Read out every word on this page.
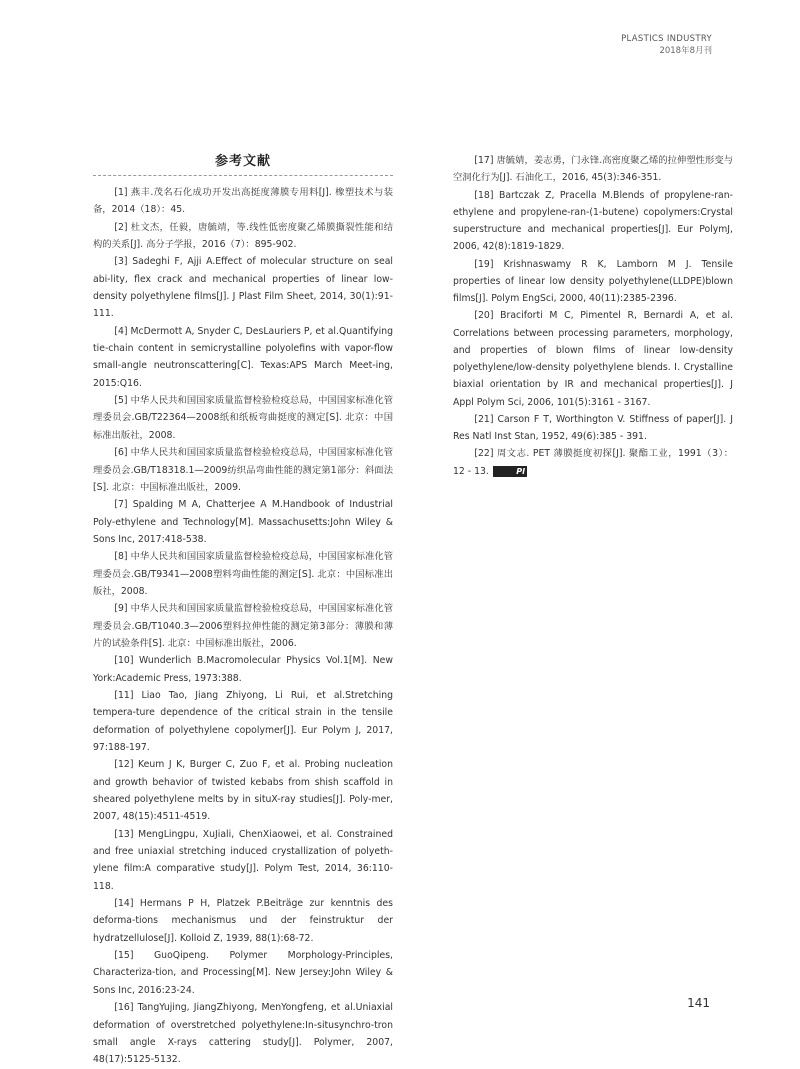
PLASTICS INDUSTRY
2018年8月刊
参考文献

[1] 燕丰.茂名石化成功开发出高挺度薄膜专用料[J]. 橡塑技术与装备，2014（18）：45.

[2] 杜文杰，任毅，唐毓靖，等.线性低密度聚乙烯膜撕裂性能和结构的关系[J]. 高分子学报，2016（7）：895-902.

[3] Sadeghi F, Ajji A.Effect of molecular structure on seal abi-lity, flex crack and mechanical properties of linear low-density polyethylene films[J]. J Plast Film Sheet, 2014, 30(1):91-111.

[4] McDermott A, Snyder C, DesLauriers P, et al.Quantifying tie-chain content in semicrystalline polyolefins with vapor-flow small-angle neutronscattering[C]. Texas:APS March Meet-ing, 2015:Q16.

[5] 中华人民共和国国家质量监督检验检疫总局，中国国家标准化管理委员会.GB/T22364—2008纸和纸板弯曲挺度的测定[S]. 北京：中国标准出版社，2008.

[6] 中华人民共和国国家质量监督检验检疫总局，中国国家标准化管理委员会.GB/T18318.1—2009纺织品弯曲性能的测定第1部分：斜面法[S]. 北京：中国标准出版社，2009.

[7] Spalding M A, Chatterjee A M.Handbook of Industrial Poly-ethylene and Technology[M]. Massachusetts:John Wiley & Sons Inc, 2017:418-538.

[8] 中华人民共和国国家质量监督检验检疫总局，中国国家标准化管理委员会.GB/T9341—2008塑料弯曲性能的测定[S]. 北京：中国标准出版社，2008.

[9] 中华人民共和国国家质量监督检验检疫总局，中国国家标准化管理委员会.GB/T1040.3—2006塑料拉伸性能的测定第3部分：薄膜和薄片的试验条件[S]. 北京：中国标准出版社，2006.

[10] Wunderlich B.Macromolecular Physics Vol.1[M]. New York:Academic Press, 1973:388.

[11] Liao Tao, Jiang Zhiyong, Li Rui, et al.Stretching tempera-ture dependence of the critical strain in the tensile deformation of polyethylene copolymer[J]. Eur Polym J, 2017, 97:188-197.

[12] Keum J K, Burger C, Zuo F, et al. Probing nucleation and growth behavior of twisted kebabs from shish scaffold in sheared polyethylene melts by in situX-ray studies[J]. Poly-mer, 2007, 48(15):4511-4519.

[13] MengLingpu, XuJiali, ChenXiaowei, et al. Constrained and free uniaxial stretching induced crystallization of polyeth-ylene film:A comparative study[J]. Polym Test, 2014, 36:110-118.

[14] Hermans P H, Platzek P.Beiträge zur kenntnis des deforma-tions mechanismus und der feinstruktur der hydratzellulose[J]. Kolloid Z, 1939, 88(1):68-72.

[15] GuoQipeng. Polymer Morphology-Principles, Characteriza-tion, and Processing[M]. New Jersey:John Wiley & Sons Inc, 2016:23-24.

[16] TangYujing, JiangZhiyong, MenYongfeng, et al.Uniaxial deformation of overstretched polyethylene:In-situsynchro-tron small angle X-rays cattering study[J]. Polymer, 2007, 48(17):5125-5132.

[17] 唐毓婧，姜志勇，门永锋.高密度聚乙烯的拉伸塑性形变与空洞化行为[J]. 石油化工，2016, 45(3):346-351.

[18] Bartczak Z, Pracella M.Blends of propylene-ran-ethylene and propylene-ran-(1-butene) copolymers:Crystal superstructure and mechanical properties[J]. Eur PolymJ, 2006, 42(8):1819-1829.

[19] Krishnaswamy R K, Lamborn M J. Tensile properties of linear low density polyethylene(LLDPE)blown films[J]. Polym EngSci, 2000, 40(11):2385-2396.

[20] Braciforti M C, Pimentel R, Bernardi A, et al. Correlations between processing parameters, morphology, and properties of blown films of linear low-density polyethylene/low-density polyethylene blends. Ⅰ. Crystalline biaxial orientation by IR and mechanical properties[J]. J Appl Polym Sci, 2006, 101(5):3161 - 3167.

[21] Carson F T, Worthington V. Stiffness of paper[J]. J Res Natl Inst Stan, 1952, 49(6):385 - 391.

[22] 周文志. PET 薄膜挺度初探[J]. 聚酯工业，1991（3）：12 - 13.	PI

141
